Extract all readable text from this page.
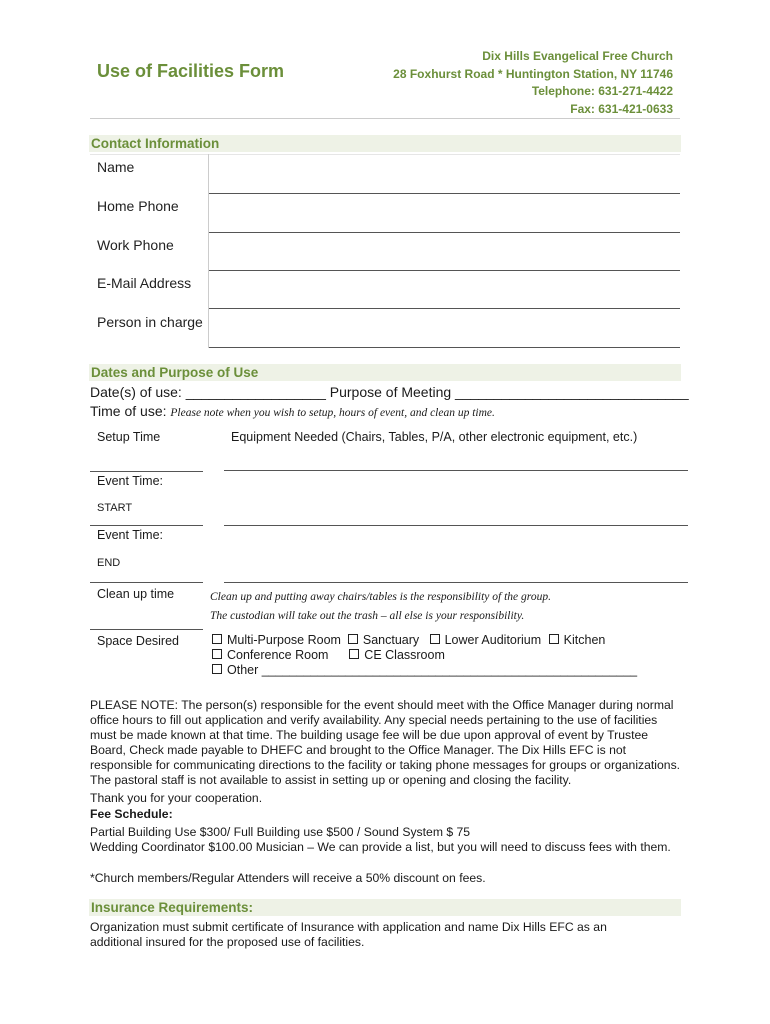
Use of Facilities Form
Dix Hills Evangelical Free Church
28 Foxhurst Road * Huntington Station, NY 11746
Telephone: 631-271-4422
Fax: 631-421-0633
Contact Information
Name
Home Phone
Work Phone
E-Mail Address
Person in charge
Dates and Purpose of Use
Date(s) of use: __________________ Purpose of Meeting ______________________________
Time of use: Please note when you wish to setup, hours of event, and clean up time.
Setup Time	Equipment Needed (Chairs, Tables, P/A, other electronic equipment, etc.)
Event Time:
START
Event Time:
END
Clean up time	Clean up and putting away chairs/tables is the responsibility of the group.
The custodian will take out the trash – all else is your responsibility.
Space Desired	Multi-Purpose Room Sanctuary Lower Auditorium Kitchen
Conference Room	CE Classroom
Other ______________________________________________________
PLEASE NOTE: The person(s) responsible for the event should meet with the Office Manager during normal office hours to fill out application and verify availability. Any special needs pertaining to the use of facilities must be made known at that time. The building usage fee will be due upon approval of event by Trustee Board, Check made payable to DHEFC and brought to the Office Manager. The Dix Hills EFC is not responsible for communicating directions to the facility or taking phone messages for groups or organizations. The pastoral staff is not available to assist in setting up or opening and closing the facility.
Thank you for your cooperation.
Fee Schedule:
Partial Building Use $300/ Full Building use $500 / Sound System $ 75
Wedding Coordinator $100.00 Musician – We can provide a list, but you will need to discuss fees with them.
*Church members/Regular Attenders will receive a 50% discount on fees.
Insurance Requirements:
Organization must submit certificate of Insurance with application and name Dix Hills EFC as an additional insured for the proposed use of facilities.
